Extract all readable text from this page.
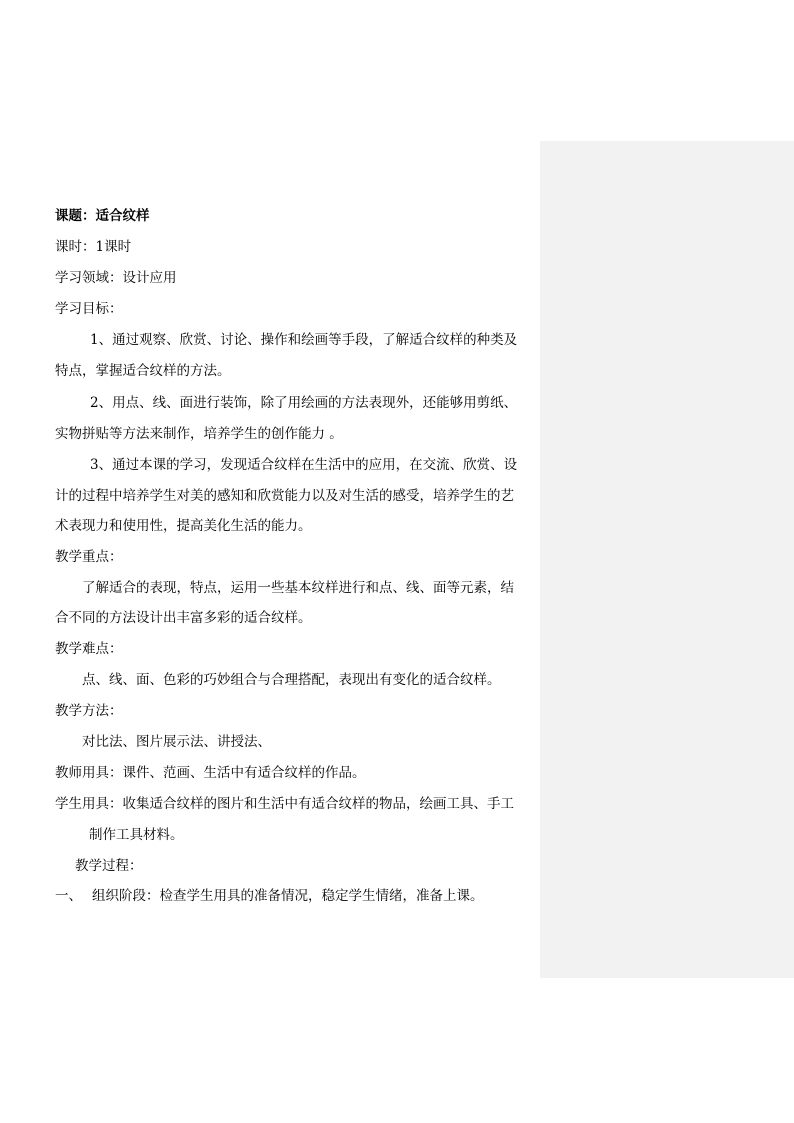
课题：适合纹样
课时：1课时
学习领域：设计应用
学习目标：
1、通过观察、欣赏、讨论、操作和绘画等手段，了解适合纹样的种类及
特点，掌握适合纹样的方法。
2、用点、线、面进行装饰，除了用绘画的方法表现外，还能够用剪纸、
实物拼贴等方法来制作，培养学生的创作能力 。
3、通过本课的学习，发现适合纹样在生活中的应用，在交流、欣赏、设
计的过程中培养学生对美的感知和欣赏能力以及对生活的感受，培养学生的艺
术表现力和使用性，提高美化生活的能力。
教学重点：
了解适合的表现，特点，运用一些基本纹样进行和点、线、面等元素，结
合不同的方法设计出丰富多彩的适合纹样。
教学难点：
点、线、面、色彩的巧妙组合与合理搭配，表现出有变化的适合纹样。
教学方法：
对比法、图片展示法、讲授法、
教师用具：课件、范画、生活中有适合纹样的作品。
学生用具：收集适合纹样的图片和生活中有适合纹样的物品，绘画工具、手工
制作工具材料。
教学过程：
一、 组织阶段：检查学生用具的准备情况，稳定学生情绪，准备上课。
